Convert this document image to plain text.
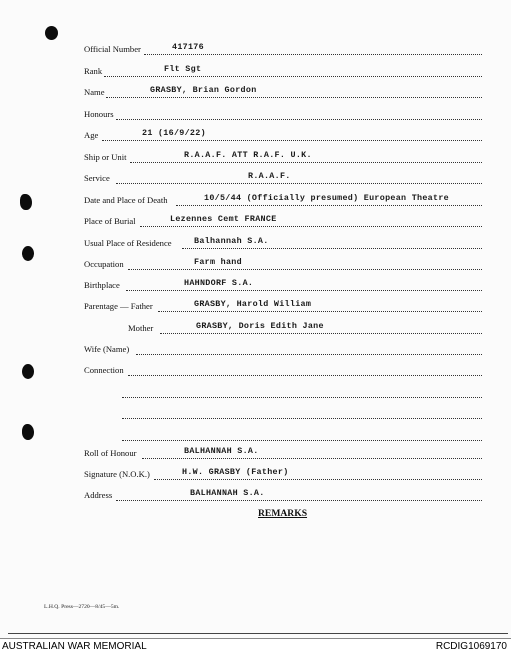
Official Number	417176
Rank	Flt Sgt
Name	GRASBY, Brian Gordon
Honours
Age	21 (16/9/22)
Ship or Unit	R.A.A.F. ATT R.A.F. U.K.
Service	R.A.A.F.
Date and Place of Death	10/5/44 (Officially presumed) European Theatre
Place of Burial	Lezennes Cemt FRANCE
Usual Place of Residence	Balhannah S.A.
Occupation	Farm hand
Birthplace	HAHNDORF S.A.
Parentage — Father	GRASBY, Harold William
Mother	GRASBY, Doris Edith Jane
Wife (Name)
Connection
Roll of Honour	BALHANNAH S.A.
Signature (N.O.K.)	H.W. GRASBY (Father)
Address	BALHANNAH S.A.
REMARKS
L.H.Q. Press—2720—8/45—5m.
AUSTRALIAN WAR MEMORIAL	RCDIG1069170
